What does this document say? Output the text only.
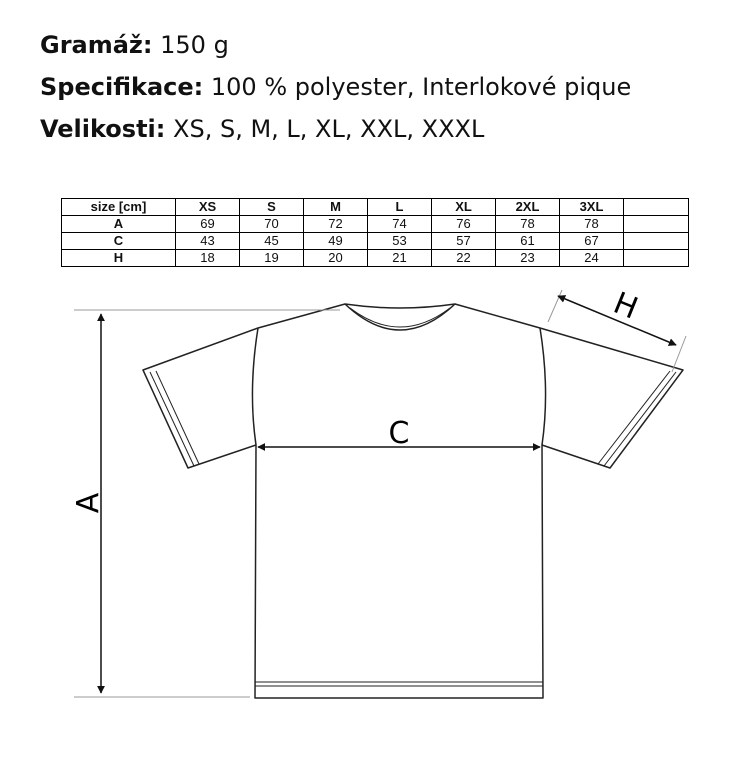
Gramáž: 150 g
Specifikace: 100 % polyester, Interlokové pique
Velikosti: XS, S, M, L, XL, XXL, XXXL
size [cm]	XS	S	M	L	XL	2XL	3XL	
A	69	70	72	74	76	78	78	
C	43	45	49	53	57	61	67	
H	18	19	20	21	22	23	24	
A
C
H
